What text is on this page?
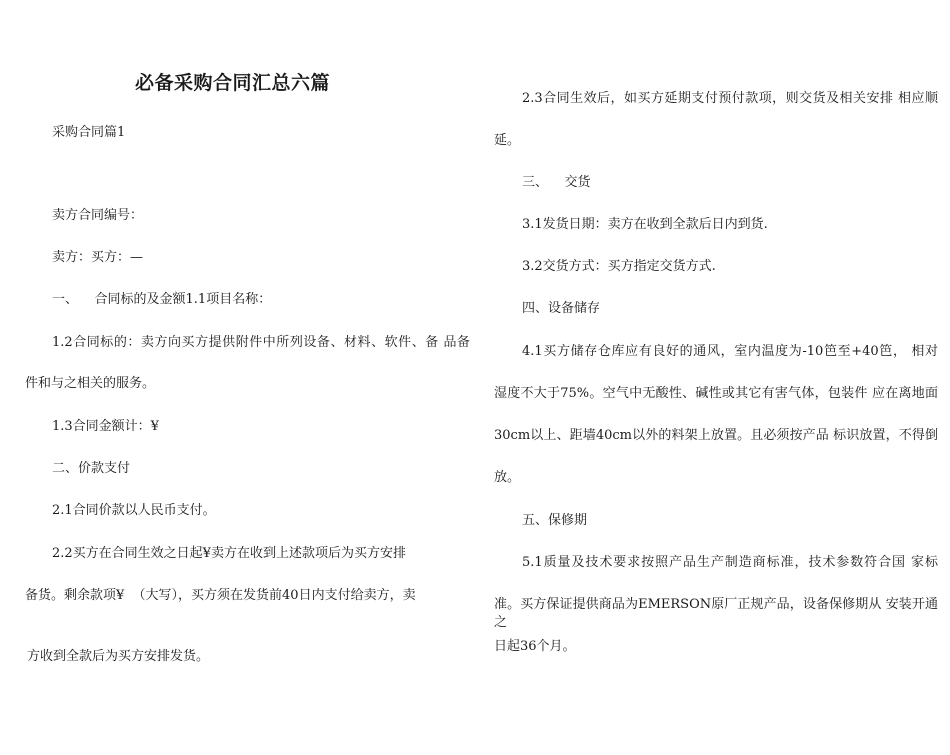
必备采购合同汇总六篇
采购合同篇1
卖方合同编号：
卖方：买方：—
一、    合同标的及金额1.1项目名称：
1.2合同标的：卖方向买方提供附件中所列设备、材料、软件、备 品备
件和与之相关的服务。
1.3合同金额计：¥
二、价款支付
2.1合同价款以人民币支付。
2.2买方在合同生效之日起¥卖方在收到上述款项后为买方安排
备货。剩余款项¥  （大写），买方须在发货前40日内支付给卖方，卖
方收到全款后为买方安排发货。
2.3合同生效后，如买方延期支付预付款项，则交货及相关安排 相应顺
延。
三、    交货
3.1发货日期：卖方在收到全款后日内到货.
3.2交货方式：买方指定交货方式.
四、设备储存
4.1买方储存仓库应有良好的通风，室内温度为-10笆至+40笆， 相对
湿度不大于75%。空气中无酸性、碱性或其它有害气体，包装件 应在离地面
30cm以上、距墙40cm以外的料架上放置。且必须按产品 标识放置，不得倒
放。
五、保修期
5.1质量及技术要求按照产品生产制造商标准，技术参数符合国 家标
准。买方保证提供商品为EMERSON原厂正规产品，设备保修期从 安装开通之
日起36个月。
